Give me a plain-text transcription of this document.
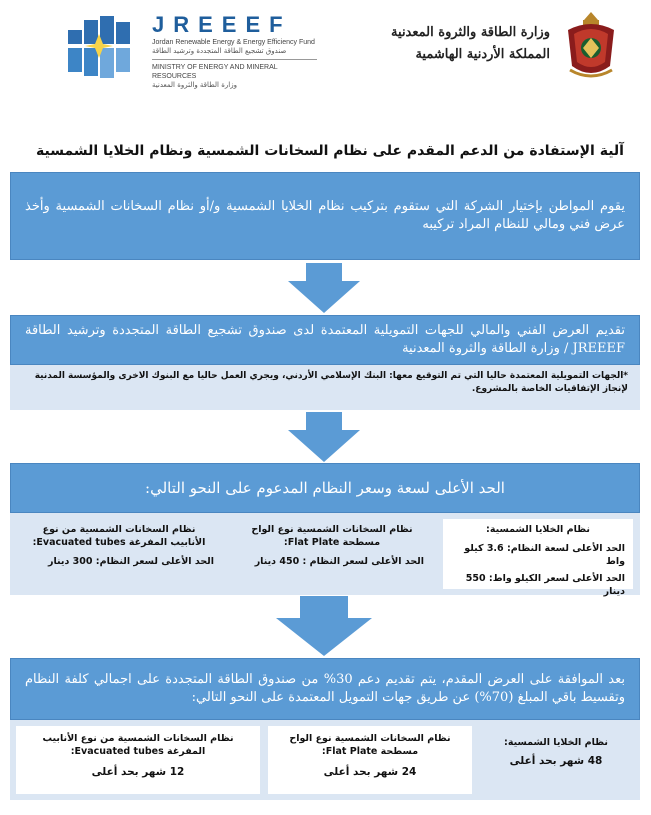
JREEEF
Jordan Renewable Energy & Energy Efficiency Fund
صندوق تشجيع الطاقة المتجددة وترشيد الطاقة
MINISTRY OF ENERGY AND MINERAL RESOURCES
وزارة الطاقة والثروة المعدنية
وزارة الطاقة والثروة المعدنية
المملكة الأردنية الهاشمية
آلية الإستفادة من الدعم المقدم على نظام السخانات الشمسية ونظام الخلايا الشمسية
يقوم المواطن بإختيار الشركة التي ستقوم بتركيب نظام الخلايا الشمسية و/أو نظام السخانات الشمسية وأخذ عرض فني ومالي للنظام المراد تركيبه
تقديم العرض الفني والمالي للجهات التمويلية المعتمدة لدى صندوق تشجيع الطاقة المتجددة وترشيد الطاقة JREEEF / وزارة الطاقة والثروة المعدنية
*الجهات التمويلية المعتمدة حاليا التي تم التوقيع معها: البنك الإسلامي الأردني، ويجري العمل حاليا مع البنوك الاخرى والمؤسسة المدنية لإنجاز الإتفاقيات الخاصة بالمشروع.
الحد الأعلى لسعة وسعر النظام المدعوم على النحو التالي:
نظام الخلايا الشمسية:
الحد الأعلى لسعة النظام: 3.6 كيلو واط
الحد الأعلى لسعر الكيلو واط: 550 دينار
نظام السخانات الشمسية نوع الواح مسطحة Flat Plate:
الحد الأعلى لسعر النظام : 450 دينار
نظام السخانات الشمسية من نوع الأنابيب المفرغة Evacuated tubes:
الحد الأعلى لسعر النظام: 300 دينار
بعد الموافقة على العرض المقدم، يتم تقديم دعم 30% من صندوق الطاقة المتجددة على اجمالي كلفة النظام وتقسيط باقي المبلغ (70%) عن طريق جهات التمويل المعتمدة على النحو التالي:
نظام الخلايا الشمسية:
48 شهر بحد أعلى
نظام السخانات الشمسية نوع الواح مسطحة Flat Plate:
24 شهر بحد أعلى
نظام السخانات الشمسية من نوع الأنابيب المفرغة Evacuated tubes:
12 شهر بحد أعلى
